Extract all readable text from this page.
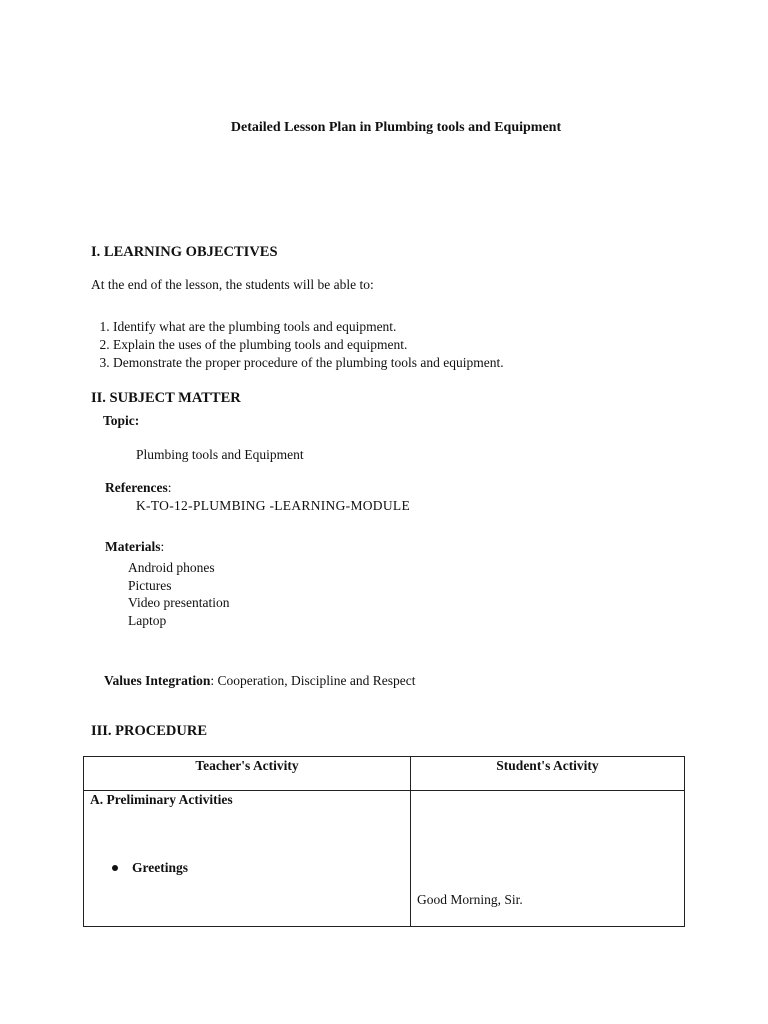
Detailed Lesson Plan in Plumbing tools and Equipment
I. LEARNING OBJECTIVES
At the end of the lesson, the students will be able to:
1. Identify what are the plumbing tools and equipment.
2. Explain the uses of the plumbing tools and equipment.
3. Demonstrate the proper procedure of the plumbing tools and equipment.
II. SUBJECT MATTER
Topic:
Plumbing tools and Equipment
References:
K-TO-12-PLUMBING -LEARNING-MODULE
Materials:
Android phones
Pictures
Video presentation
Laptop
Values Integration: Cooperation, Discipline and Respect
III. PROCEDURE
Teacher's Activity	Student's Activity

A. Preliminary Activities
Greetings	Good Morning, Sir.
